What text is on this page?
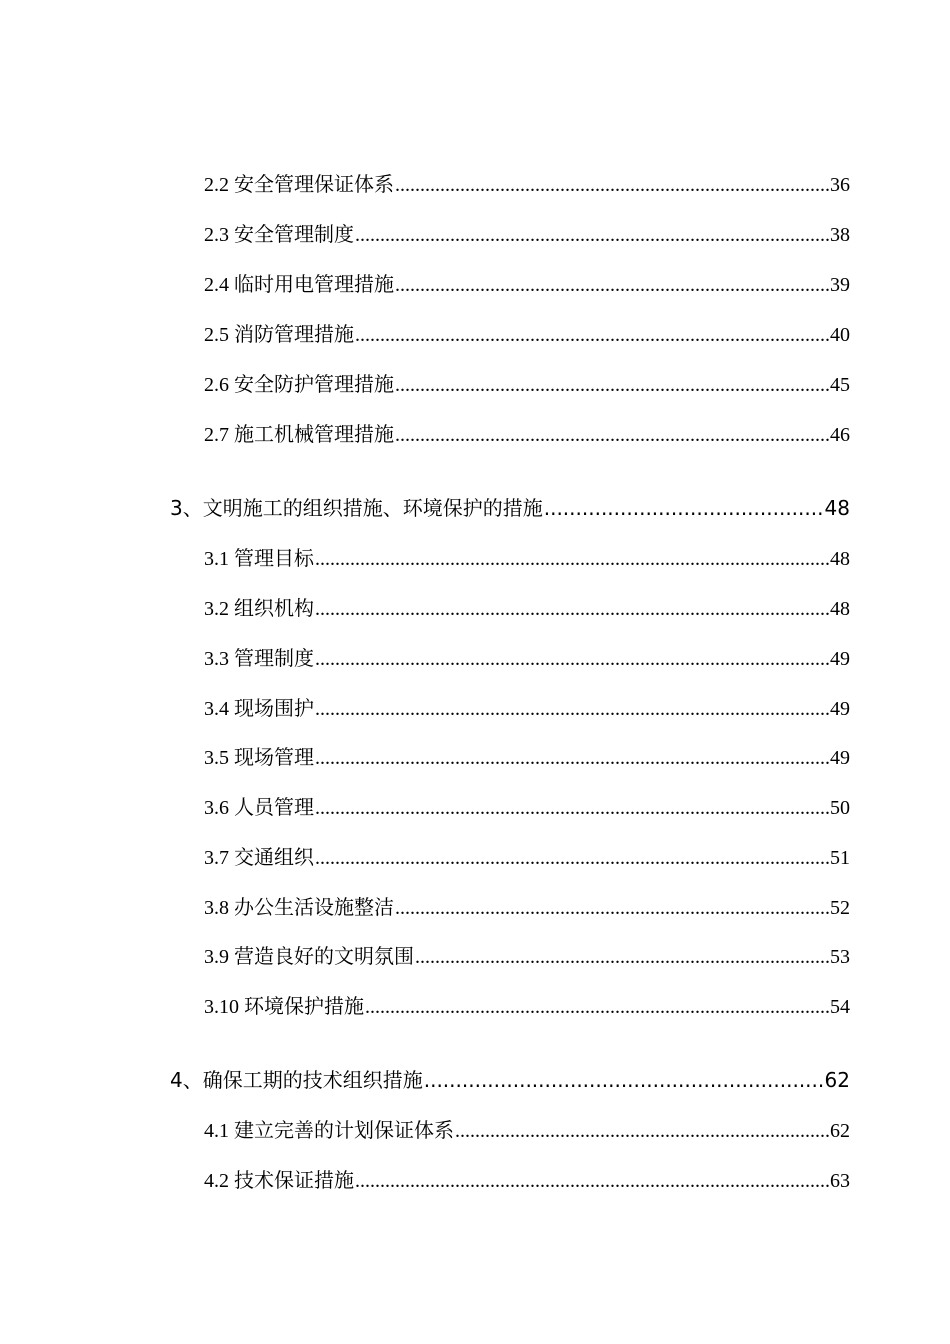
2.2 安全管理保证体系 .....	36
2.3 安全管理制度 .....	38
2.4 临时用电管理措施 .....	39
2.5 消防管理措施 .....	40
2.6 安全防护管理措施 .....	45
2.7 施工机械管理措施 .....	46
3、文明施工的组织措施、环境保护的措施 .....	48
3.1 管理目标 .....	48
3.2 组织机构 .....	48
3.3 管理制度 .....	49
3.4 现场围护 .....	49
3.5 现场管理 .....	49
3.6 人员管理 .....	50
3.7 交通组织 .....	51
3.8 办公生活设施整洁 .....	52
3.9 营造良好的文明氛围 .....	53
3.10 环境保护措施 .....	54
4、确保工期的技术组织措施 .....	62
4.1 建立完善的计划保证体系 .....	62
4.2 技术保证措施 .....	63
